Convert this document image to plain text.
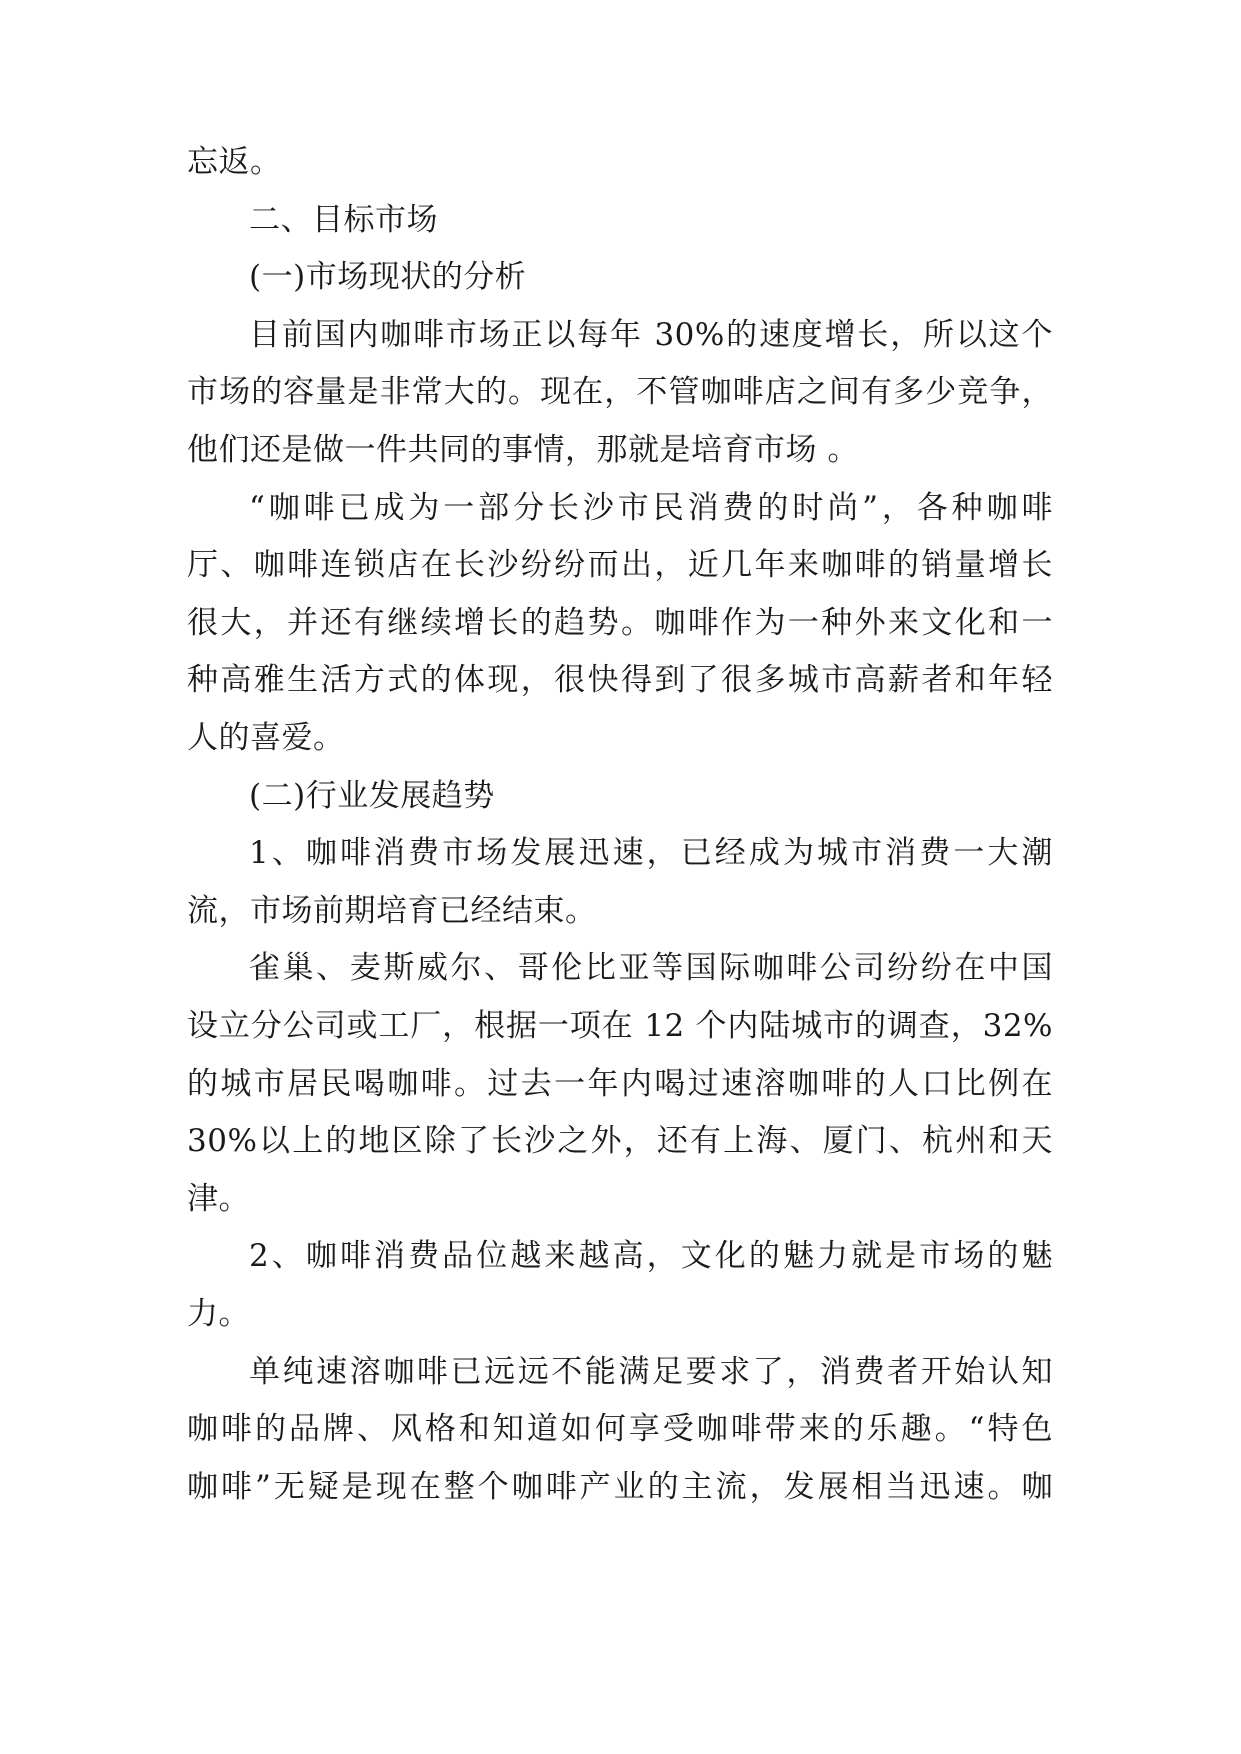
忘返。
二、目标市场
(一)市场现状的分析
目前国内咖啡市场正以每年 30%的速度增长，所以这个
市场的容量是非常大的。现在，不管咖啡店之间有多少竞争，
他们还是做一件共同的事情，那就是培育市场 。
“咖啡已成为一部分长沙市民消费的时尚”，各种咖啡
厅、咖啡连锁店在长沙纷纷而出，近几年来咖啡的销量增长
很大，并还有继续增长的趋势。咖啡作为一种外来文化和一
种高雅生活方式的体现，很快得到了很多城市高薪者和年轻
人的喜爱。
(二)行业发展趋势
1、咖啡消费市场发展迅速，已经成为城市消费一大潮
流，市场前期培育已经结束。
雀巢、麦斯威尔、哥伦比亚等国际咖啡公司纷纷在中国
设立分公司或工厂，根据一项在 12 个内陆城市的调查，32%
的城市居民喝咖啡。过去一年内喝过速溶咖啡的人口比例在
30%以上的地区除了长沙之外，还有上海、厦门、杭州和天
津。
2、咖啡消费品位越来越高，文化的魅力就是市场的魅
力。
单纯速溶咖啡已远远不能满足要求了，消费者开始认知
咖啡的品牌、风格和知道如何享受咖啡带来的乐趣。“特色
咖啡”无疑是现在整个咖啡产业的主流，发展相当迅速。咖
